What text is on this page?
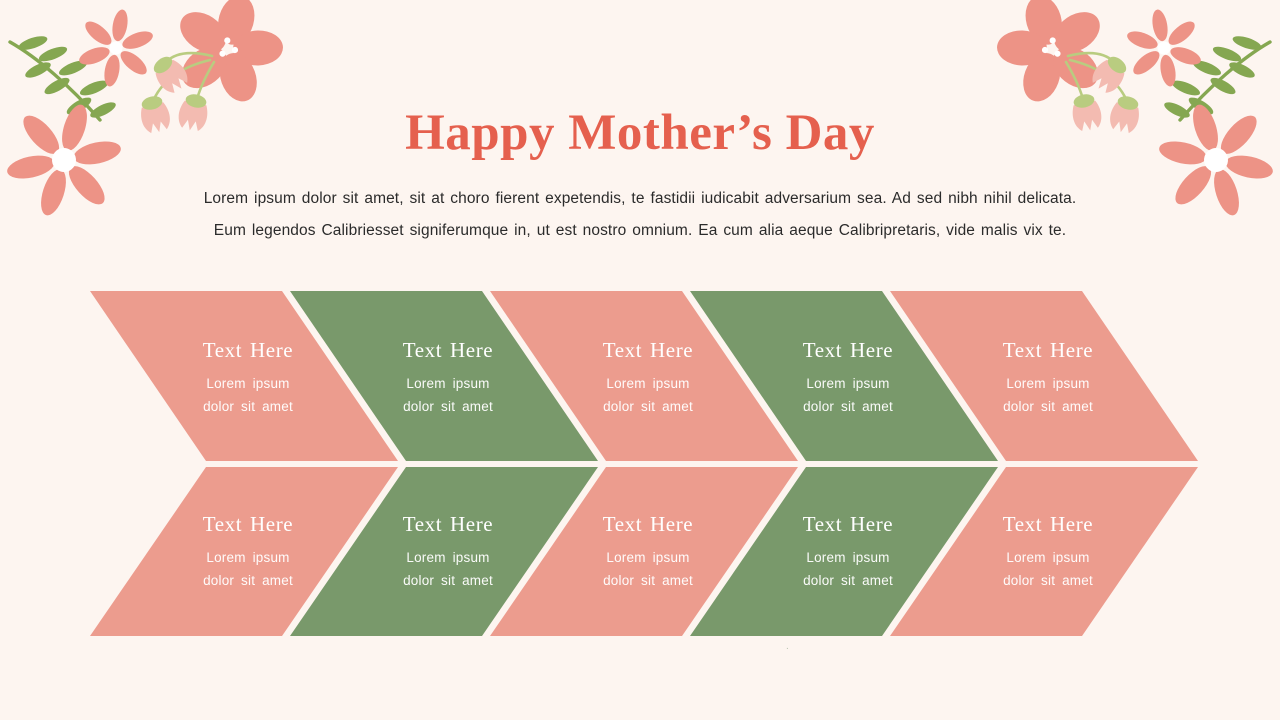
Happy Mother’s Day
Lorem ipsum dolor sit amet, sit at choro fierent expetendis, te fastidii iudicabit adversarium sea. Ad sed nibh nihil delicata.
Eum legendos Calibriesset signiferumque in, ut est nostro omnium. Ea cum alia aeque Calibripretaris, vide malis vix te.
Text Here
Lorem ipsum
dolor sit amet
Text Here
Lorem ipsum
dolor sit amet
Text Here
Lorem ipsum
dolor sit amet
Text Here
Lorem ipsum
dolor sit amet
Text Here
Lorem ipsum
dolor sit amet
Text Here
Lorem ipsum
dolor sit amet
Text Here
Lorem ipsum
dolor sit amet
Text Here
Lorem ipsum
dolor sit amet
Text Here
Lorem ipsum
dolor sit amet
Text Here
Lorem ipsum
dolor sit amet
.
